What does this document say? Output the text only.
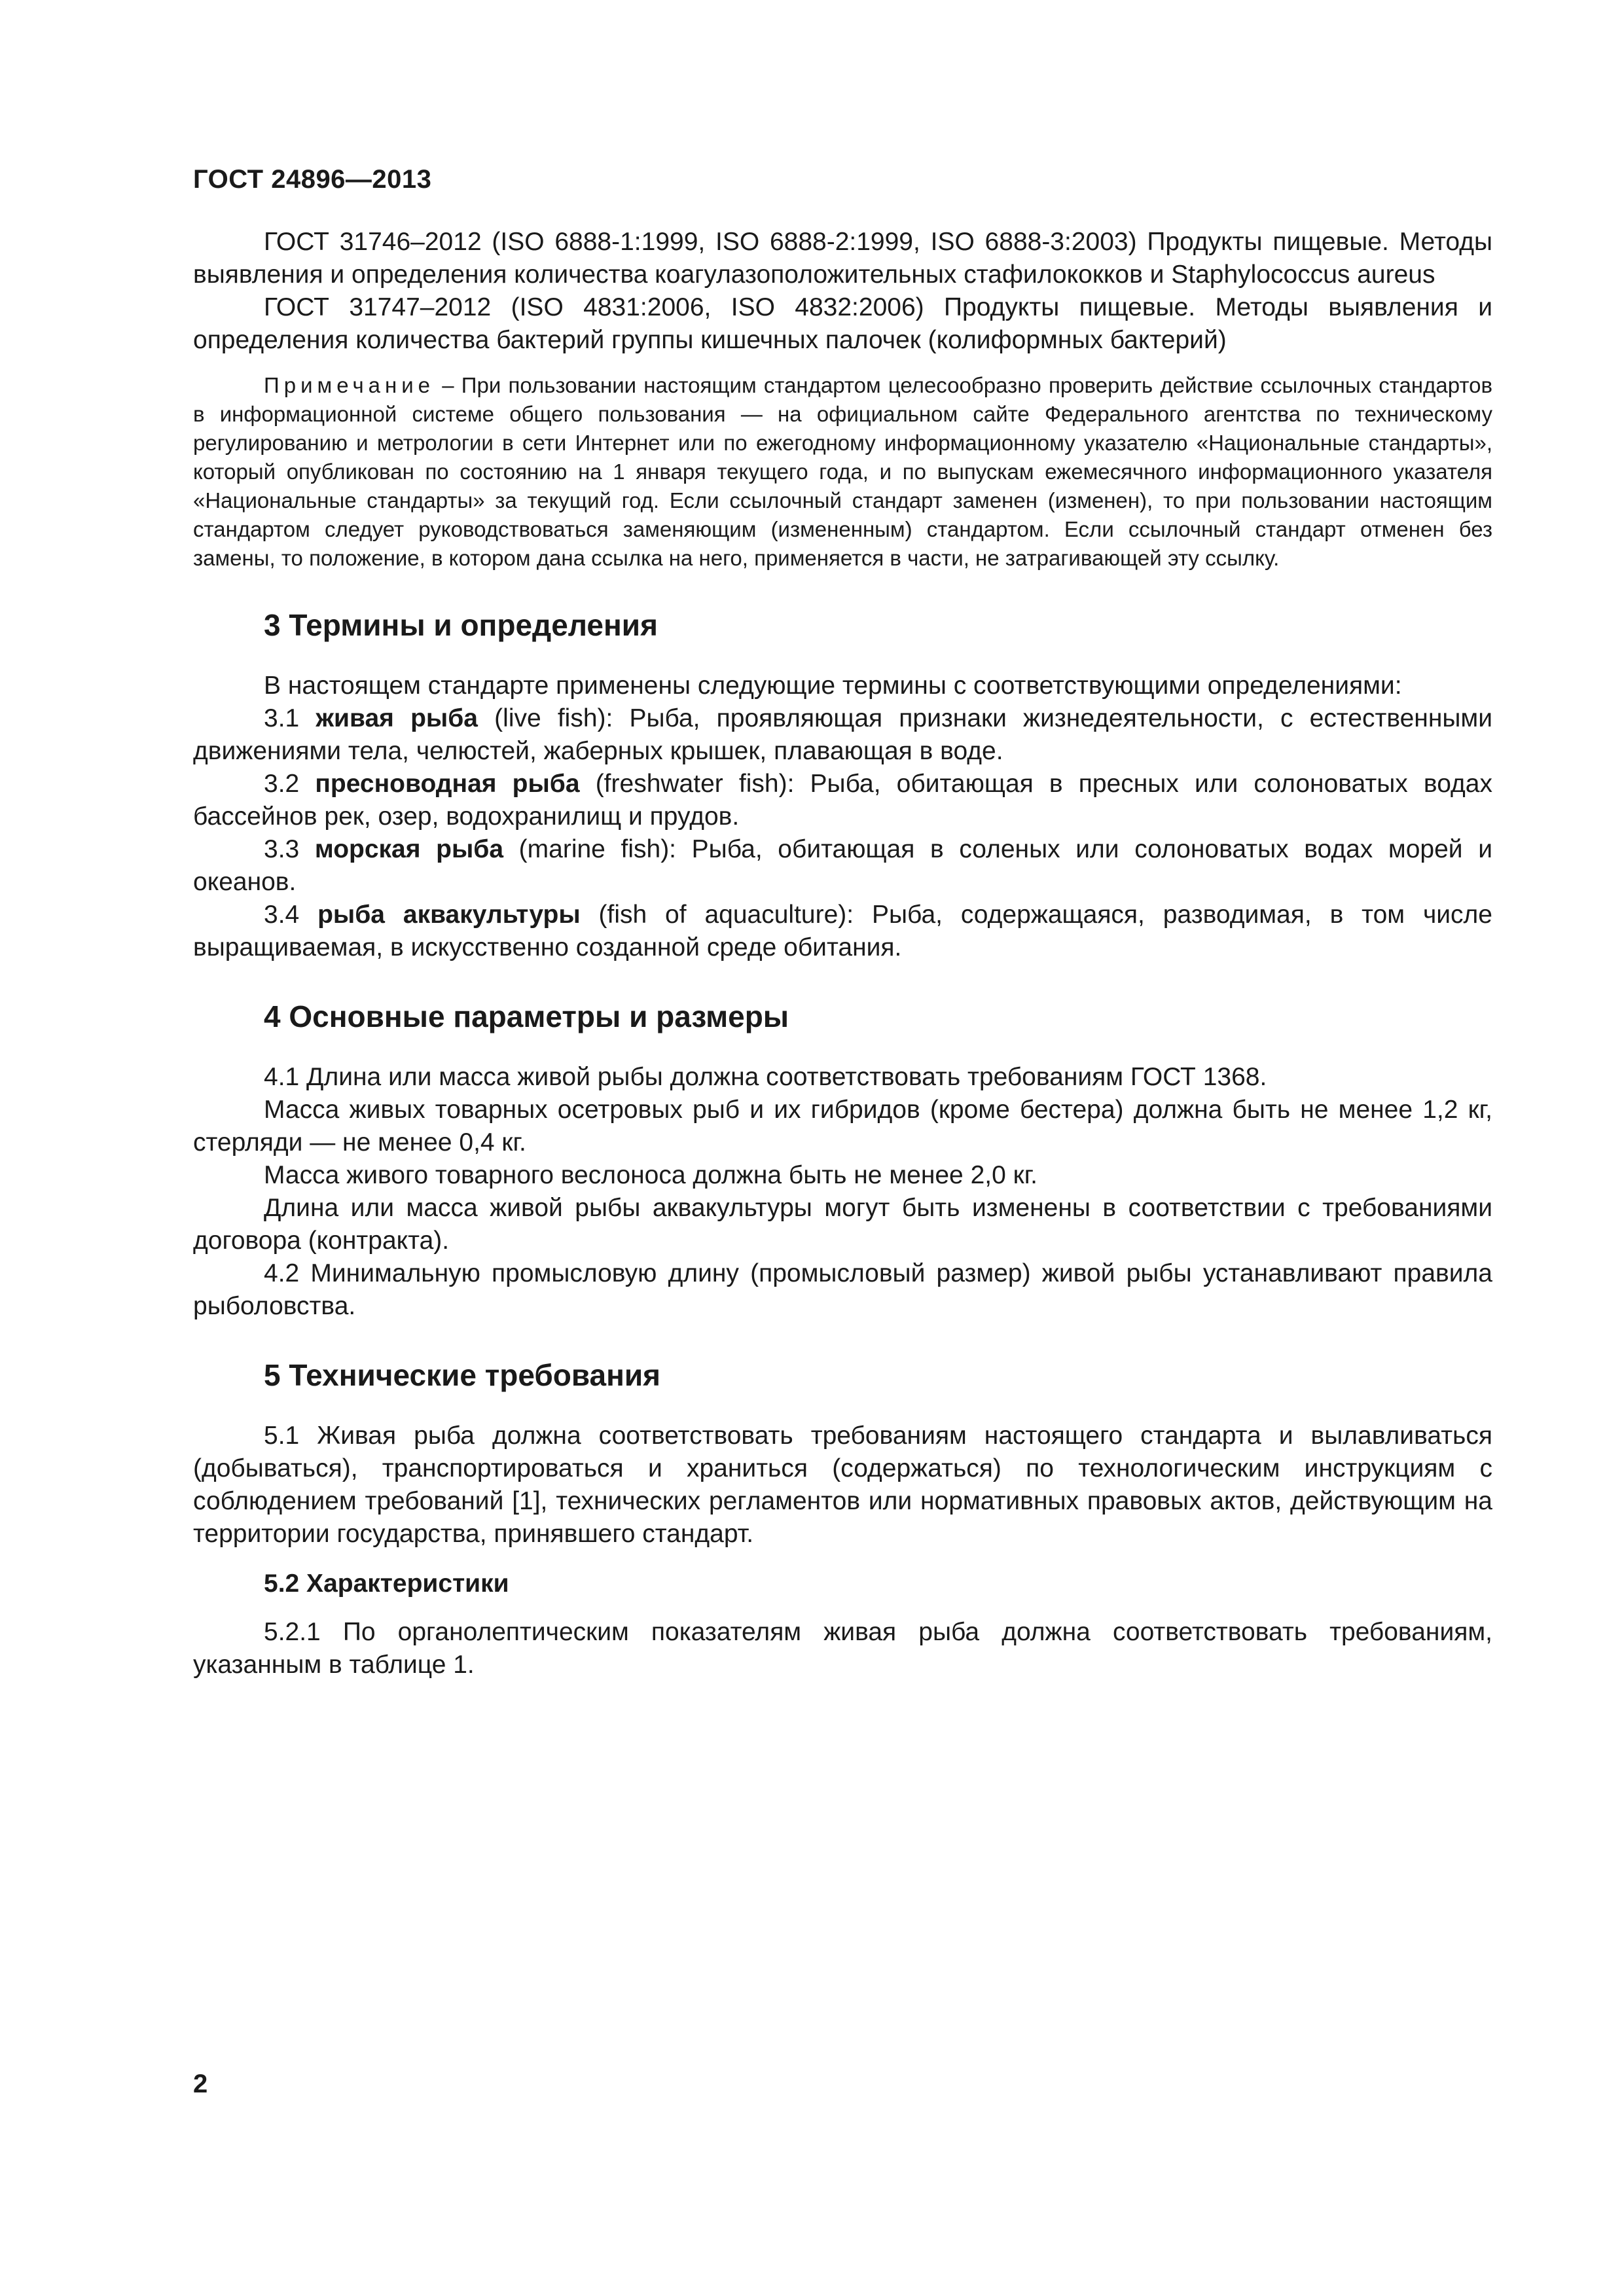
ГОСТ 24896—2013

ГОСТ 31746–2012 (ISO 6888-1:1999, ISO 6888-2:1999, ISO 6888-3:2003) Продукты пищевые. Методы выявления и определения количества коагулазоположительных стафилококков и Staphylococcus aureus

ГОСТ 31747–2012 (ISO 4831:2006, ISO 4832:2006) Продукты пищевые. Методы выявления и определения количества бактерий группы кишечных палочек (колиформных бактерий)

Примечание – При пользовании настоящим стандартом целесообразно проверить действие ссылочных стандартов в информационной системе общего пользования — на официальном сайте Федерального агентства по техническому регулированию и метрологии в сети Интернет или по ежегодному информационному указателю «Национальные стандарты», который опубликован по состоянию на 1 января текущего года, и по выпускам ежемесячного информационного указателя «Национальные стандарты» за текущий год. Если ссылочный стандарт заменен (изменен), то при пользовании настоящим стандартом следует руководствоваться заменяющим (измененным) стандартом. Если ссылочный стандарт отменен без замены, то положение, в котором дана ссылка на него, применяется в части, не затрагивающей эту ссылку.

3 Термины и определения

В настоящем стандарте применены следующие термины с соответствующими определениями:

3.1 живая рыба (live fish): Рыба, проявляющая признаки жизнедеятельности, с естественными движениями тела, челюстей, жаберных крышек, плавающая в воде.

3.2 пресноводная рыба (freshwater fish): Рыба, обитающая в пресных или солоноватых водах бассейнов рек, озер, водохранилищ и прудов.

3.3 морская рыба (marine fish): Рыба, обитающая в соленых или солоноватых водах морей и океанов.

3.4 рыба аквакультуры (fish of aquaculture): Рыба, содержащаяся, разводимая, в том числе выращиваемая, в искусственно созданной среде обитания.

4 Основные параметры и размеры

4.1 Длина или масса живой рыбы должна соответствовать требованиям ГОСТ 1368.

Масса живых товарных осетровых рыб и их гибридов (кроме бестера) должна быть не менее 1,2 кг, стерляди — не менее 0,4 кг.

Масса живого товарного веслоноса должна быть не менее 2,0 кг.

Длина или масса живой рыбы аквакультуры могут быть изменены в соответствии с требованиями договора (контракта).

4.2 Минимальную промысловую длину (промысловый размер) живой рыбы устанавливают правила рыболовства.

5 Технические требования

5.1 Живая рыба должна соответствовать требованиям настоящего стандарта и вылавливаться (добываться), транспортироваться и храниться (содержаться) по технологическим инструкциям с соблюдением требований [1], технических регламентов или нормативных правовых актов, действующим на территории государства, принявшего стандарт.

5.2 Характеристики

5.2.1 По органолептическим показателям живая рыба должна соответствовать требованиям, указанным в таблице 1.

2
